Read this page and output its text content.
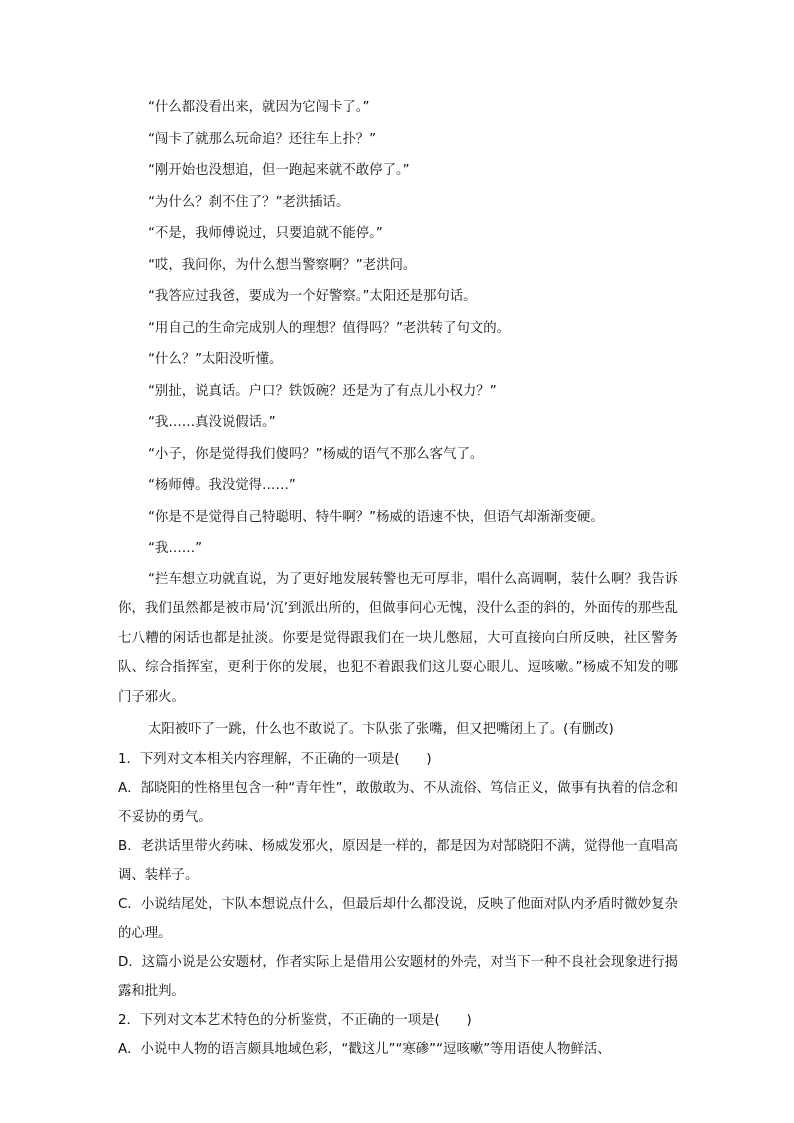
“什么都没看出来，就因为它闯卡了。”

“闯卡了就那么玩命追？还往车上扑？”

“刚开始也没想追，但一跑起来就不敢停了。”

“为什么？刹不住了？”老洪插话。

“不是，我师傅说过，只要追就不能停。”

“哎，我问你，为什么想当警察啊？”老洪问。

“我答应过我爸，要成为一个好警察。”太阳还是那句话。

“用自己的生命完成别人的理想？值得吗？”老洪转了句文的。

“什么？”太阳没听懂。

“别扯，说真话。户口？铁饭碗？还是为了有点儿小权力？”

“我……真没说假话。”

“小子，你是觉得我们傻吗？”杨威的语气不那么客气了。

“杨师傅。我没觉得……”

“你是不是觉得自己特聪明、特牛啊？”杨威的语速不快，但语气却渐渐变硬。

“我……”

“拦车想立功就直说，为了更好地发展转警也无可厚非，唱什么高调啊，装什么啊？我告诉你，我们虽然都是被市局‘沉’到派出所的，但做事问心无愧，没什么歪的斜的，外面传的那些乱七八糟的闲话也都是扯淡。你要是觉得跟我们在一块儿憋屈，大可直接向白所反映，社区警务队、综合指挥室，更利于你的发展，也犯不着跟我们这儿耍心眼儿、逗咳嗽。”杨威不知发的哪门子邪火。

太阳被吓了一跳，什么也不敢说了。卞队张了张嘴，但又把嘴闭上了。(有删改)

1．下列对文本相关内容理解，不正确的一项是(　　)

A．郜晓阳的性格里包含一种“青年性”，敢傲敢为、不从流俗、笃信正义，做事有执着的信念和不妥协的勇气。

B．老洪话里带火药味、杨威发邪火，原因是一样的，都是因为对郜晓阳不满，觉得他一直唱高调、装样子。

C．小说结尾处，卞队本想说点什么，但最后却什么都没说，反映了他面对队内矛盾时微妙复杂的心理。

D．这篇小说是公安题材，作者实际上是借用公安题材的外壳，对当下一种不良社会现象进行揭露和批判。

2．下列对文本艺术特色的分析鉴赏，不正确的一项是(　　)

A．小说中人物的语言颇具地域色彩，“戳这儿”“寒碜”“逗咳嗽”等用语使人物鲜活、
